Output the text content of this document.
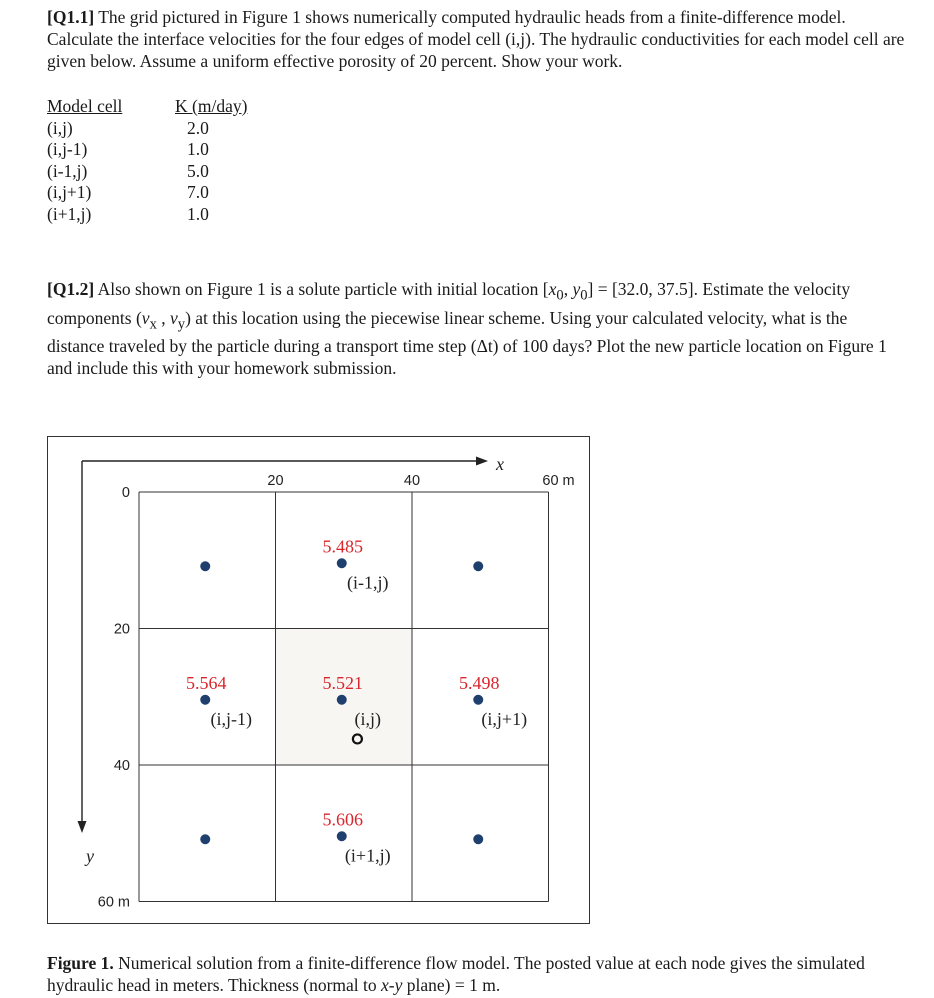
[Q1.1] The grid pictured in Figure 1 shows numerically computed hydraulic heads from a finite-difference model. Calculate the interface velocities for the four edges of model cell (i,j). The hydraulic conductivities for each model cell are given below. Assume a uniform effective porosity of 20 percent. Show your work.
Model cell
(i,j)
(i,j-1)
(i-1,j)
(i,j+1)
(i+1,j)
K (m/day)
2.0
1.0
5.0
7.0
1.0
[Q1.2] Also shown on Figure 1 is a solute particle with initial location [$x_0$, $y_0] = [32.0$, 37.5]. Estimate the velocity components ($v_x$ , $v_y$) at this location using the piecewise linear scheme. Using your calculated velocity, what is the distance traveled by the particle during a transport time step (Δt) of 100 days? Plot the new particle location on Figure 1 and include this with your homework submission.
x
y
20	40	60 m
0
20
40
60 m
5.485
(i-1,j)
5.564
(i,j-1)
5.521
(i,j)
5.498
(i,j+1)
5.606
(i+1,j)
Figure 1. Numerical solution from a finite-difference flow model. The posted value at each node gives the simulated hydraulic head in meters. Thickness (normal to x-y plane) = 1 m.
